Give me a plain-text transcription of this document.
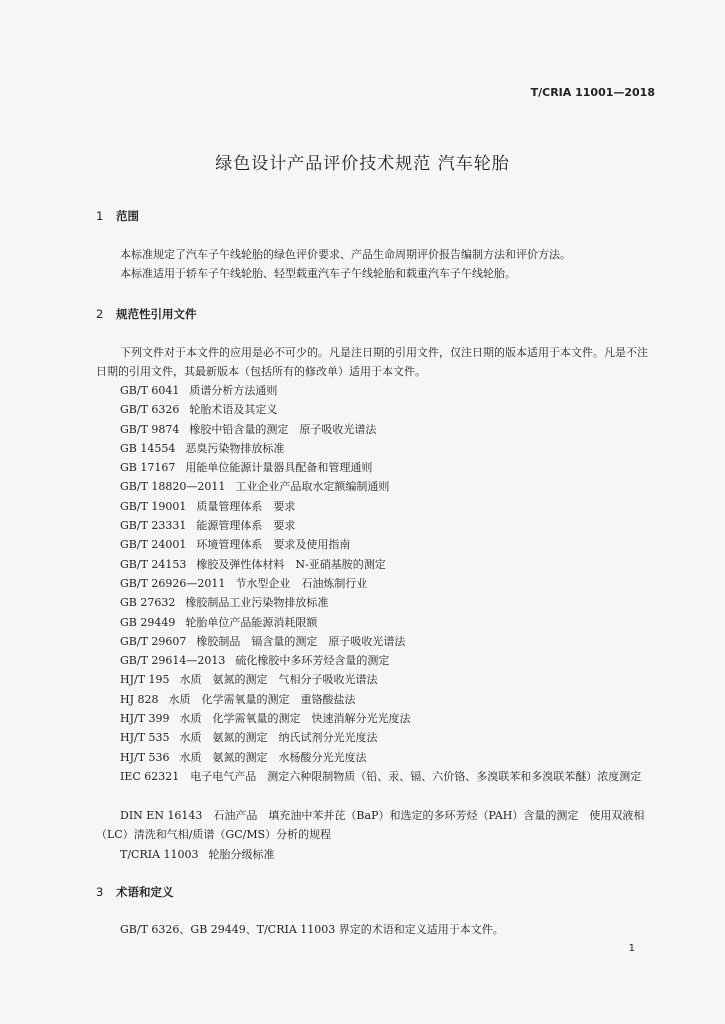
T/CRIA 11001—2018
绿色设计产品评价技术规范 汽车轮胎
1 范围
本标准规定了汽车子午线轮胎的绿色评价要求、产品生命周期评价报告编制方法和评价方法。
本标准适用于轿车子午线轮胎、轻型载重汽车子午线轮胎和载重汽车子午线轮胎。
2 规范性引用文件
下列文件对于本文件的应用是必不可少的。凡是注日期的引用文件，仅注日期的版本适用于本文件。凡是不注日期的引用文件，其最新版本（包括所有的修改单）适用于本文件。
GB/T 6041 质谱分析方法通则
GB/T 6326 轮胎术语及其定义
GB/T 9874 橡胶中铅含量的测定　原子吸收光谱法
GB 14554 恶臭污染物排放标准
GB 17167 用能单位能源计量器具配备和管理通则
GB/T 18820—2011 工业企业产品取水定额编制通则
GB/T 19001 质量管理体系　要求
GB/T 23331 能源管理体系　要求
GB/T 24001 环境管理体系　要求及使用指南
GB/T 24153 橡胶及弹性体材料　N-亚硝基胺的测定
GB/T 26926—2011 节水型企业　石油炼制行业
GB 27632 橡胶制品工业污染物排放标准
GB 29449 轮胎单位产品能源消耗限额
GB/T 29607 橡胶制品　镉含量的测定　原子吸收光谱法
GB/T 29614—2013 硫化橡胶中多环芳烃含量的测定
HJ/T 195 水质　氨氮的测定　气相分子吸收光谱法
HJ 828 水质　化学需氧量的测定　重铬酸盐法
HJ/T 399 水质　化学需氧量的测定　快速消解分光光度法
HJ/T 535 水质　氨氮的测定　纳氏试剂分光光度法
HJ/T 536 水质　氨氮的测定　水杨酸分光光度法
IEC 62321　电子电气产品　测定六种限制物质（铅、汞、镉、六价铬、多溴联苯和多溴联苯醚）浓度测定
DIN EN 16143　石油产品　填充油中苯并芘（BaP）和选定的多环芳烃（PAH）含量的测定　使用双液相（LC）清洗和气相/质谱（GC/MS）分析的规程
T/CRIA 11003 轮胎分级标准
3 术语和定义
GB/T 6326、GB 29449、T/CRIA 11003 界定的术语和定义适用于本文件。
1
